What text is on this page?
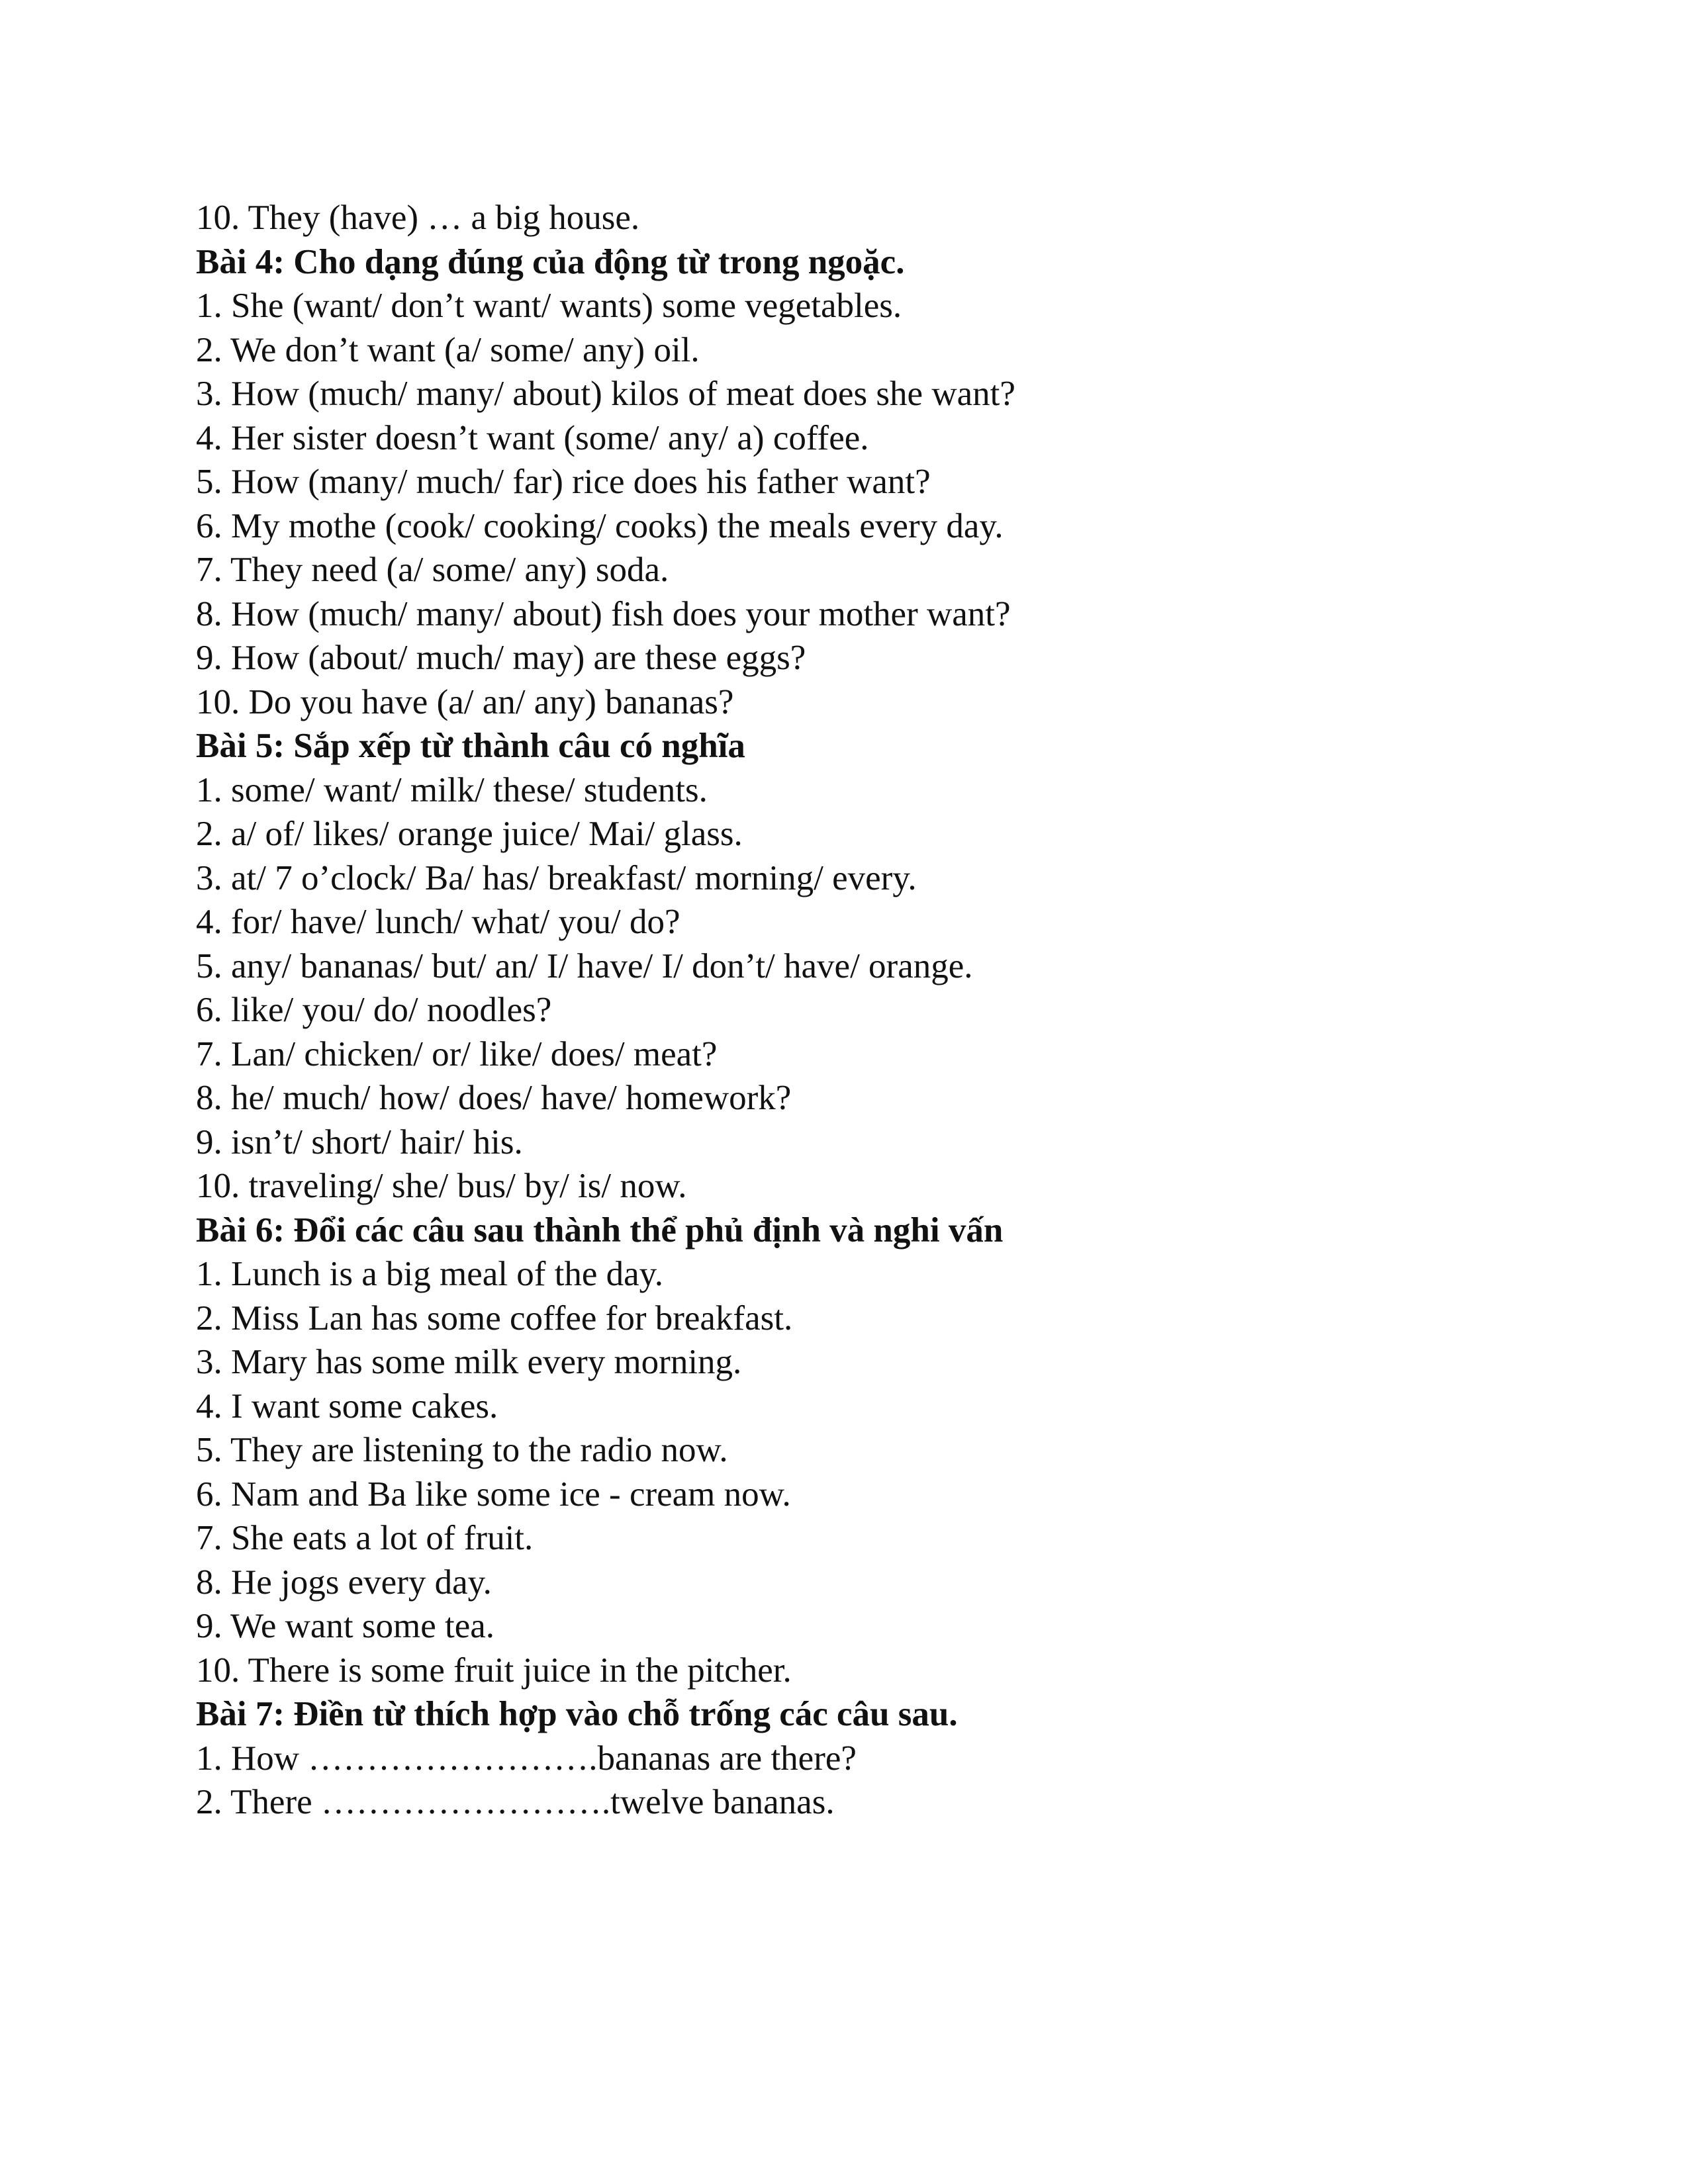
10. They (have) … a big house.

Bài 4: Cho dạng đúng của động từ trong ngoặc.

1. She (want/ don’t want/ wants) some vegetables.

2. We don’t want (a/ some/ any) oil.

3. How (much/ many/ about) kilos of meat does she want?

4. Her sister doesn’t want (some/ any/ a) coffee.

5. How (many/ much/ far) rice does his father want?

6. My mothe (cook/ cooking/ cooks) the meals every day.

7. They need (a/ some/ any) soda.

8. How (much/ many/ about) fish does your mother want?

9. How (about/ much/ may) are these eggs?

10. Do you have (a/ an/ any) bananas?

Bài 5: Sắp xếp từ thành câu có nghĩa

1. some/ want/ milk/ these/ students.

2. a/ of/ likes/ orange juice/ Mai/ glass.

3. at/ 7 o’clock/ Ba/ has/ breakfast/ morning/ every.

4. for/ have/ lunch/ what/ you/ do?

5. any/ bananas/ but/ an/ I/ have/ I/ don’t/ have/ orange.

6. like/ you/ do/ noodles?

7. Lan/ chicken/ or/ like/ does/ meat?

8. he/ much/ how/ does/ have/ homework?

9. isn’t/ short/ hair/ his.

10. traveling/ she/ bus/ by/ is/ now.

Bài 6: Đổi các câu sau thành thể phủ định và nghi vấn

1. Lunch is a big meal of the day.

2. Miss Lan has some coffee for breakfast.

3. Mary has some milk every morning.

4. I want some cakes.

5. They are listening to the radio now.

6. Nam and Ba like some ice - cream now.

7. She eats a lot of fruit.

8. He jogs every day.

9. We want some tea.

10. There is some fruit juice in the pitcher.

Bài 7: Điền từ thích hợp vào chỗ trống các câu sau.

1. How …………………….bananas are there?

2. There …………………….twelve bananas.
